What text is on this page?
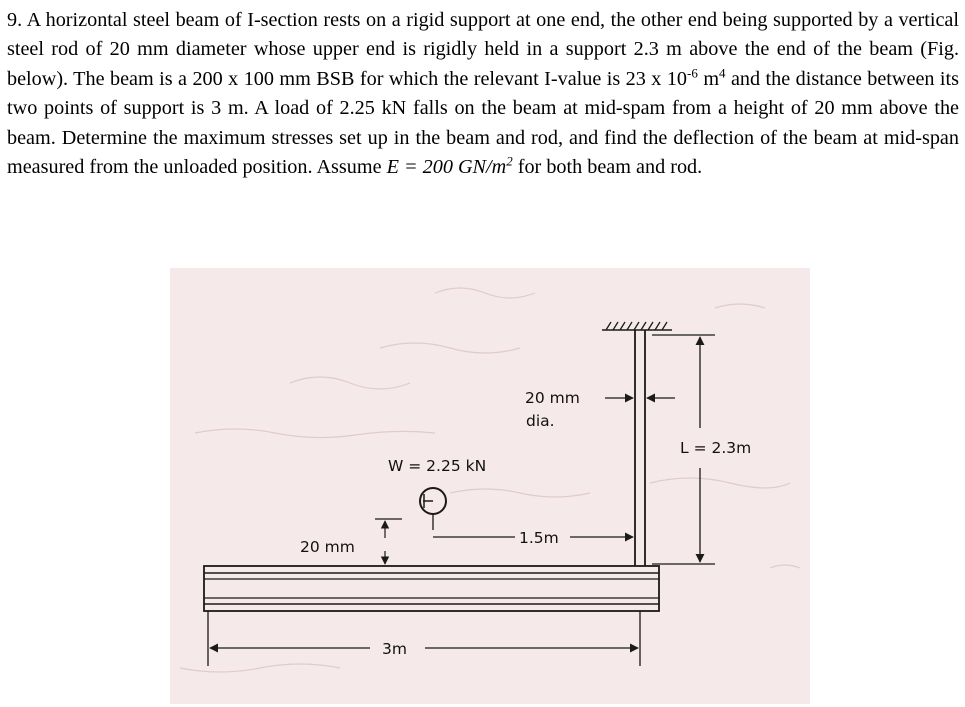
9. A horizontal steel beam of I-section rests on a rigid support at one end, the other end being supported by a vertical steel rod of 20 mm diameter whose upper end is rigidly held in a support 2.3 m above the end of the beam (Fig. below). The beam is a 200 x 100 mm BSB for which the relevant I-value is 23 x $10^{-6}$ $m^4$ and the distance between its two points of support is 3 m. A load of 2.25 kN falls on the beam at mid-spam from a height of 20 mm above the beam. Determine the maximum stresses set up in the beam and rod, and find the deflection of the beam at mid-span measured from the unloaded position. Assume E = 200 $GN/m^2$ for both beam and rod.
20 mm
dia.
L = 2.3m
W = 2.25 kN
20 mm	1.5m
3m
